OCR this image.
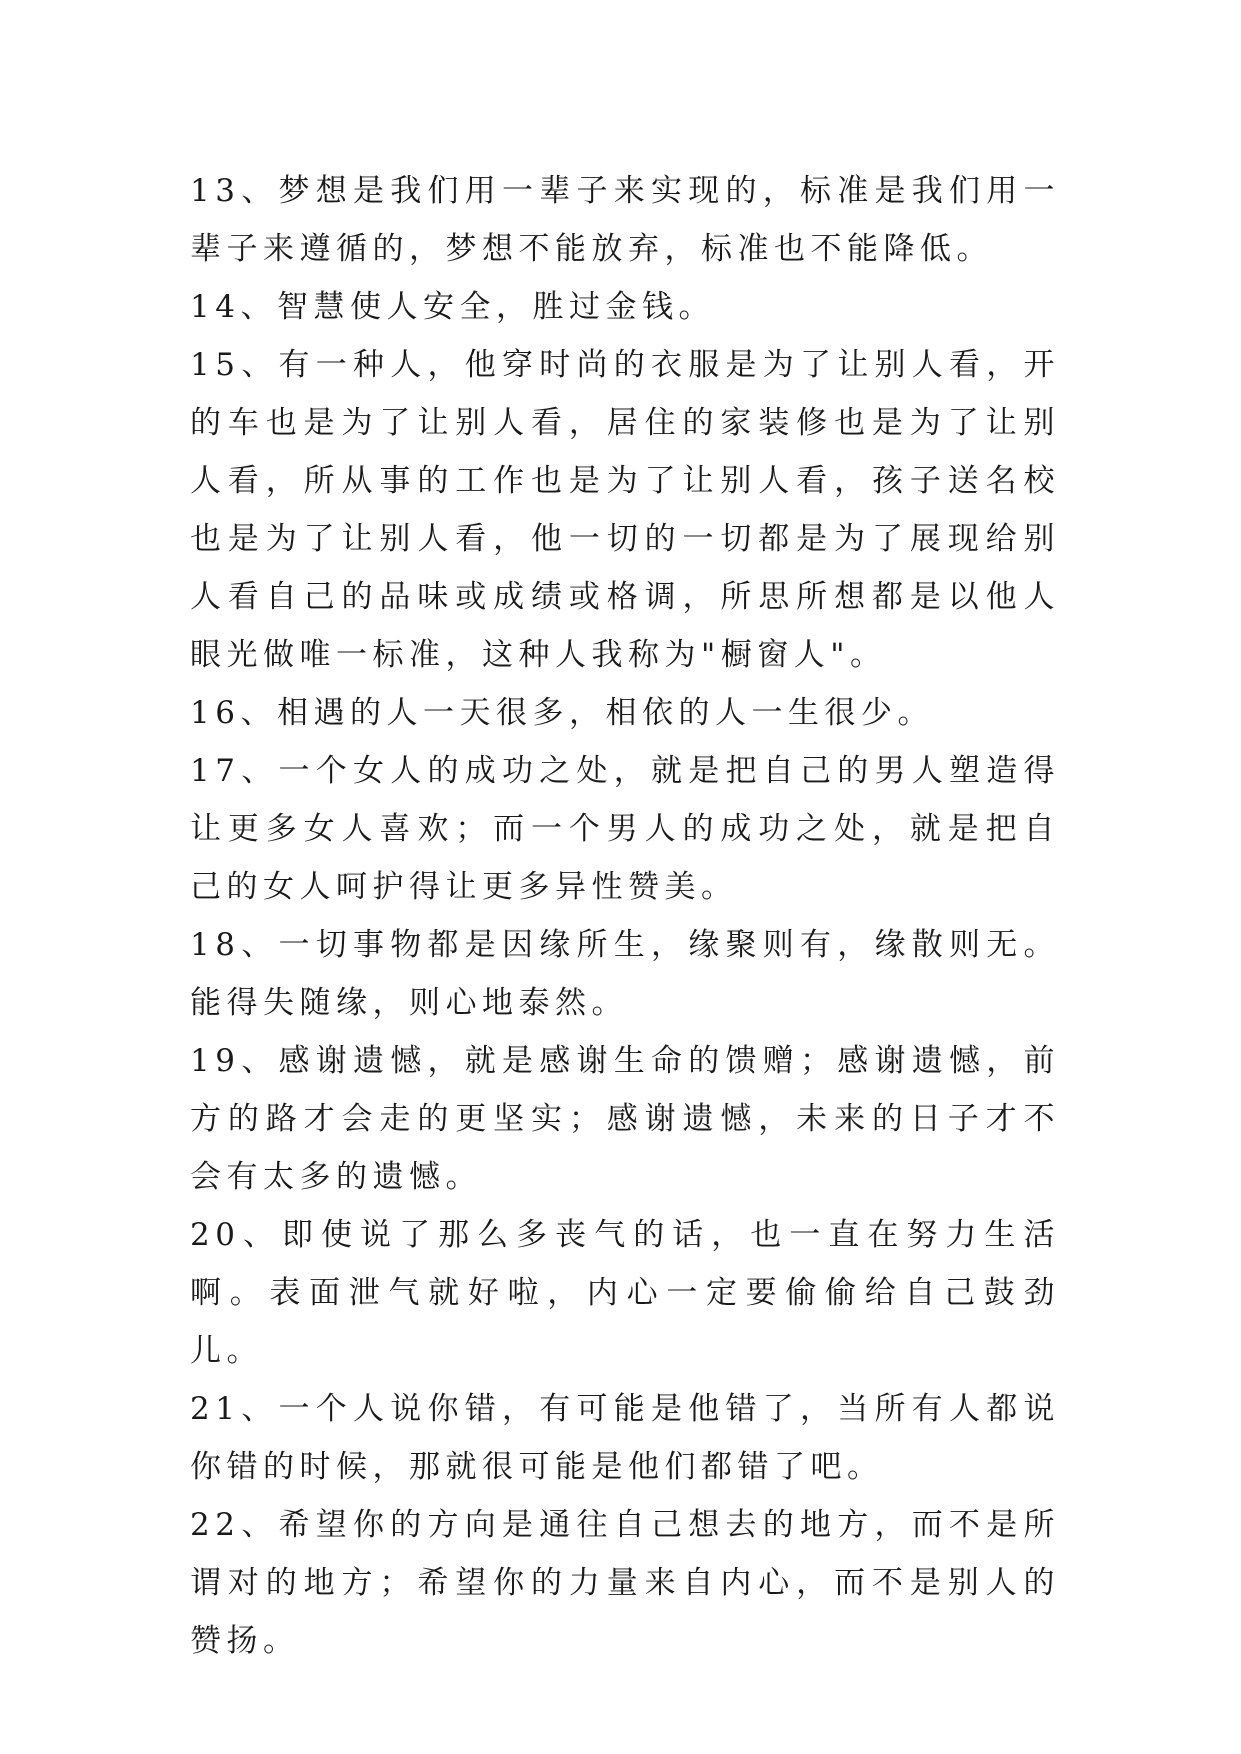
13、梦想是我们用一辈子来实现的，标准是我们用一辈子来遵循的，梦想不能放弃，标准也不能降低。

14、智慧使人安全，胜过金钱。

15、有一种人，他穿时尚的衣服是为了让别人看，开的车也是为了让别人看，居住的家装修也是为了让别人看，所从事的工作也是为了让别人看，孩子送名校也是为了让别人看，他一切的一切都是为了展现给别人看自己的品味或成绩或格调，所思所想都是以他人眼光做唯一标准，这种人我称为"橱窗人"。

16、相遇的人一天很多，相依的人一生很少。

17、一个女人的成功之处，就是把自己的男人塑造得让更多女人喜欢；而一个男人的成功之处，就是把自己的女人呵护得让更多异性赞美。

18、一切事物都是因缘所生，缘聚则有，缘散则无。能得失随缘，则心地泰然。

19、感谢遗憾，就是感谢生命的馈赠；感谢遗憾，前方的路才会走的更坚实；感谢遗憾，未来的日子才不会有太多的遗憾。

20、即使说了那么多丧气的话，也一直在努力生活啊。表面泄气就好啦，内心一定要偷偷给自己鼓劲儿。

21、一个人说你错，有可能是他错了，当所有人都说你错的时候，那就很可能是他们都错了吧。

22、希望你的方向是通往自己想去的地方，而不是所谓对的地方；希望你的力量来自内心，而不是别人的赞扬。
